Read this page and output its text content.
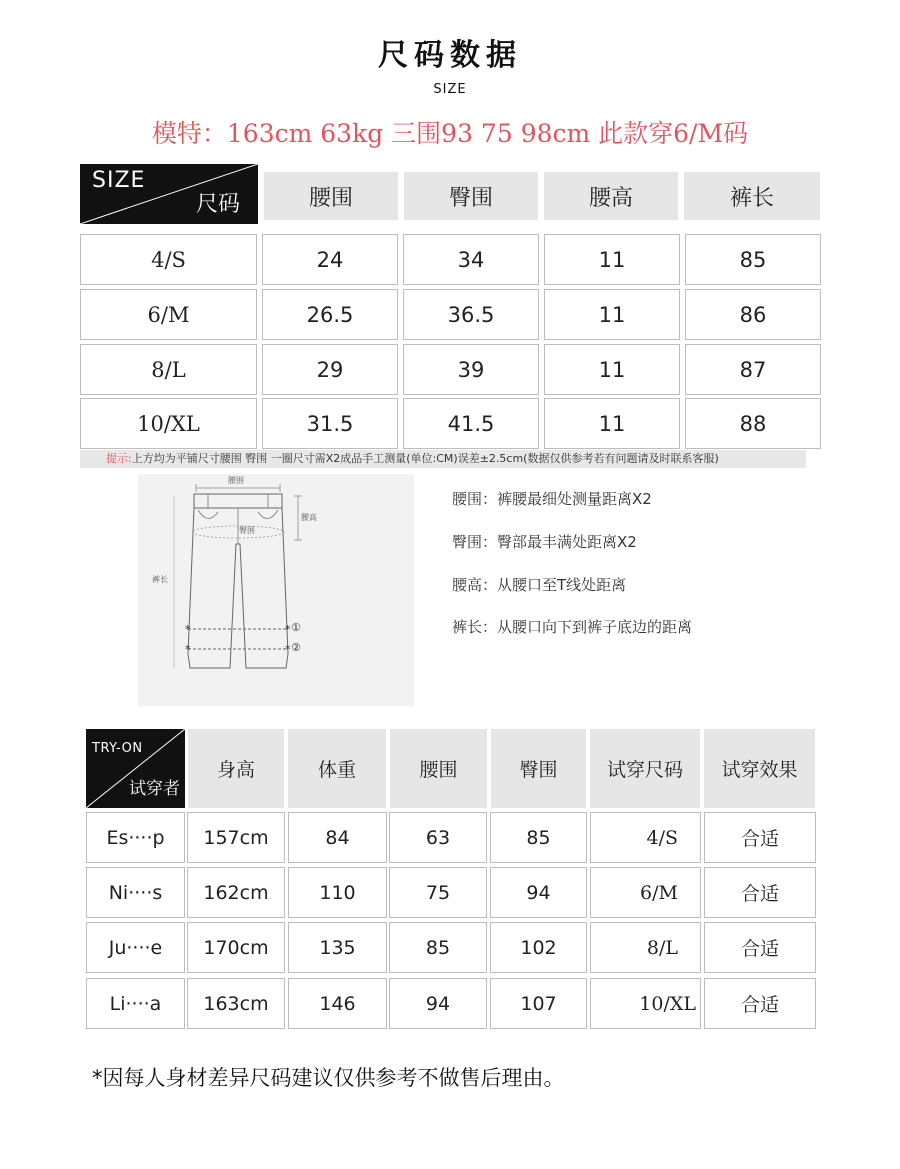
尺码数据
SIZE
模特：163cm 63kg 三围93 75 98cm 此款穿6/M码
SIZE
尺码	腰围	臀围	腰高	裤长
4/S	24	34	11	85
6/M	26.5	36.5	11	86
8/L	29	39	11	87
10/XL	31.5	41.5	11	88
提示:上方均为平铺尺寸腰围 臀围 一圈尺寸需X2成品手工测量(单位:CM)误差±2.5cm(数据仅供参考若有问题请及时联系客服)
*	*
*	*
腰围
臀围
腰高
裤长
①
②
腰围：裤腰最细处测量距离X2
臀围：臀部最丰满处距离X2
腰高：从腰口至T线处距离
裤长：从腰口向下到裤子底边的距离
TRY-ON
试穿者
身高	体重	腰围	臀围	试穿尺码	试穿效果
Es····p	157cm	84	63	85	4/S	合适
Ni····s	162cm	110	75	94	6/M	合适
Ju····e	170cm	135	85	102	8/L	合适
Li····a	163cm	146	94	107	10/XL	合适
*因每人身材差异尺码建议仅供参考不做售后理由。
